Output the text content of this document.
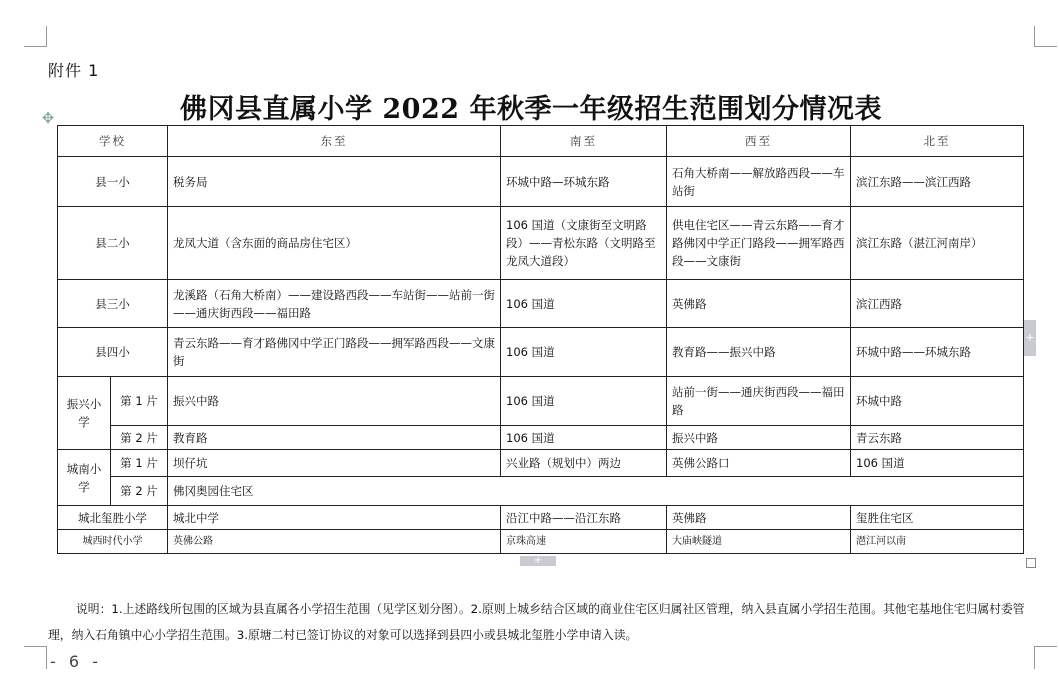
附件 1
✥	佛冈县直属小学 2022 年秋季一年级招生范围划分情况表
学校		东至	南至	西至	北至
县一小		税务局	环城中路—环城东路	石角大桥南——解放路西段——车站街	滨江东路——滨江西路
县二小		龙凤大道（含东面的商品房住宅区）	106 国道（文康街至文明路段）——青松东路（文明路至龙凤大道段）	供电住宅区——青云东路——育才路佛冈中学正门路段——拥军路西段——文康街	滨江东路（湛江河南岸）
县三小		龙溪路（石角大桥南）——建设路西段——车站街——站前一街——通庆街西段——福田路	106 国道	英佛路	滨江西路
县四小		青云东路——育才路佛冈中学正门路段——拥军路西段——文康街	106 国道	教育路——振兴中路	环城中路——环城东路
振兴小学	第 1 片	振兴中路	106 国道	站前一街——通庆街西段——福田路	环城中路
	第 2 片	教育路	106 国道	振兴中路	青云东路
城南小学	第 1 片	坝仔坑	兴业路（规划中）两边	英佛公路口	106 国道
	第 2 片	佛冈奥园住宅区			
城北玺胜小学		城北中学	沿江中路——沿江东路	英佛路	玺胜住宅区
城西时代小学		英佛公路	京珠高速	大庙峡隧道	潖江河以南
+
+
说明：1.上述路线所包围的区域为县直属各小学招生范围（见学区划分图）。2.原则上城乡结合区域的商业住宅区归属社区管理，纳入县直属小学招生范围。其他宅基地住宅归属村委管理，纳入石角镇中心小学招生范围。3.原塘二村已签订协议的对象可以选择到县四小或县城北玺胜小学申请入读。
- 6 -
